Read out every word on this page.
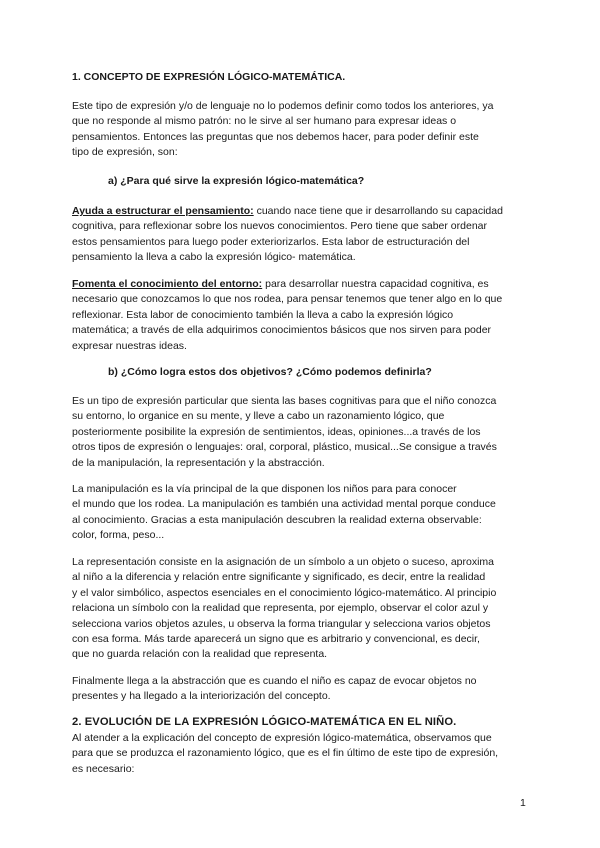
1. CONCEPTO DE EXPRESIÓN LÓGICO-MATEMÁTICA.

Este tipo de expresión y/o de lenguaje no lo podemos definir como todos los anteriores, ya
que no responde al mismo patrón: no le sirve al ser humano para expresar ideas o
pensamientos. Entonces las preguntas que nos debemos hacer, para poder definir este
tipo de expresión, son:

a) ¿Para qué sirve la expresión lógico-matemática?

Ayuda a estructurar el pensamiento: cuando nace tiene que ir desarrollando su capacidad
cognitiva, para reflexionar sobre los nuevos conocimientos. Pero tiene que saber ordenar
estos pensamientos para luego poder exteriorizarlos. Esta labor de estructuración del
pensamiento la lleva a cabo la expresión lógico- matemática.

Fomenta el conocimiento del entorno: para desarrollar nuestra capacidad cognitiva, es
necesario que conozcamos lo que nos rodea, para pensar tenemos que tener algo en lo que
reflexionar. Esta labor de conocimiento también la lleva a cabo la expresión lógico
matemática; a través de ella adquirimos conocimientos básicos que nos sirven para poder
expresar nuestras ideas.

b) ¿Cómo logra estos dos objetivos? ¿Cómo podemos definirla?

Es un tipo de expresión particular que sienta las bases cognitivas para que el niño conozca
su entorno, lo organice en su mente, y lleve a cabo un razonamiento lógico, que
posteriormente posibilite la expresión de sentimientos, ideas, opiniones...a través de los
otros tipos de expresión o lenguajes: oral, corporal, plástico, musical...Se consigue a través
de la manipulación, la representación y la abstracción.

La manipulación es la vía principal de la que disponen los niños para para conocer
el mundo que los rodea. La manipulación es también una actividad mental porque conduce
al conocimiento. Gracias a esta manipulación descubren la realidad externa observable:
color, forma, peso...

La representación consiste en la asignación de un símbolo a un objeto o suceso, aproxima
al niño a la diferencia y relación entre significante y significado, es decir, entre la realidad
y el valor simbólico, aspectos esenciales en el conocimiento lógico-matemático. Al principio
relaciona un símbolo con la realidad que representa, por ejemplo, observar el color azul y
selecciona varios objetos azules, u observa la forma triangular y selecciona varios objetos
con esa forma. Más tarde aparecerá un signo que es arbitrario y convencional, es decir,
que no guarda relación con la realidad que representa.

Finalmente llega a la abstracción que es cuando el niño es capaz de evocar objetos no
presentes y ha llegado a la interiorización del concepto.

2. EVOLUCIÓN DE LA EXPRESIÓN LÓGICO-MATEMÁTICA EN EL NIÑO.

Al atender a la explicación del concepto de expresión lógico-matemática, observamos que
para que se produzca el razonamiento lógico, que es el fin último de este tipo de expresión,
es necesario:

1
